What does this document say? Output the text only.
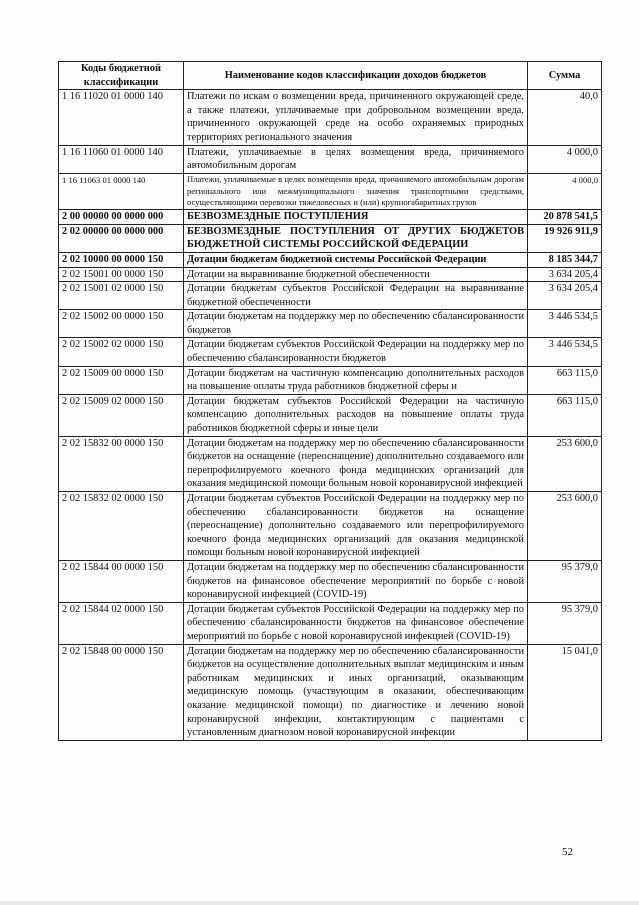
Коды бюджетной классификации	Наименование кодов классификации доходов бюджетов	Сумма
1 16 11020 01 0000 140	Платежи по искам о возмещении вреда, причиненного окружающей среде, а также платежи, уплачиваемые при добровольном возмещении вреда, причиненного окружающей среде на особо охраняемых природных территориях регионального значения	40,0
1 16 11060 01 0000 140	Платежи, уплачиваемые в целях возмещения вреда, причиняемого автомобильным дорогам	4 000,0
1 16 11063 01 0000 140	Платежи, уплачиваемые в целях возмещения вреда, причиняемого автомобильным дорогам регионального или межмуниципального значения транспортными средствами, осуществляющими перевозки тяжеловесных и (или) крупногабаритных грузов	4 000,0
2 00 00000 00 0000 000	БЕЗВОЗМЕЗДНЫЕ ПОСТУПЛЕНИЯ	20 878 541,5
2 02 00000 00 0000 000	БЕЗВОЗМЕЗДНЫЕ ПОСТУПЛЕНИЯ ОТ ДРУГИХ БЮДЖЕТОВ БЮДЖЕТНОЙ СИСТЕМЫ РОССИЙСКОЙ ФЕДЕРАЦИИ	19 926 911,9
2 02 10000 00 0000 150	Дотации бюджетам бюджетной системы Российской Федерации	8 185 344,7
2 02 15001 00 0000 150	Дотации на выравнивание бюджетной обеспеченности	3 634 205,4
2 02 15001 02 0000 150	Дотации бюджетам субъектов Российской Федерации на выравнивание бюджетной обеспеченности	3 634 205,4
2 02 15002 00 0000 150	Дотации бюджетам на поддержку мер по обеспечению сбалансированности бюджетов	3 446 534,5
2 02 15002 02 0000 150	Дотации бюджетам субъектов Российской Федерации на поддержку мер по обеспечению сбалансированности бюджетов	3 446 534,5
2 02 15009 00 0000 150	Дотации бюджетам на частичную компенсацию дополнительных расходов на повышение оплаты труда работников бюджетной сферы и	663 115,0
2 02 15009 02 0000 150	Дотации бюджетам субъектов Российской Федерации на частичную компенсацию дополнительных расходов на повышение оплаты труда работников бюджетной сферы и иные цели	663 115,0
2 02 15832 00 0000 150	Дотации бюджетам на поддержку мер по обеспечению сбалансированности бюджетов на оснащение (переоснащение) дополнительно создаваемого или перепрофилируемого коечного фонда медицинских организаций для оказания медицинской помощи больным новой коронавирусной инфекцией	253 600,0
2 02 15832 02 0000 150	Дотации бюджетам субъектов Российской Федерации на поддержку мер по обеспечению сбалансированности бюджетов на оснащение (переоснащение) дополнительно создаваемого или перепрофилируемого коечного фонда медицинских организаций для оказания медицинской помощи больным новой коронавирусной инфекцией	253 600,0
2 02 15844 00 0000 150	Дотации бюджетам на поддержку мер по обеспечению сбалансированности бюджетов на финансовое обеспечение мероприятий по борьбе с новой коронавирусной инфекцией (COVID-19)	95 379,0
2 02 15844 02 0000 150	Дотации бюджетам субъектов Российской Федерации на поддержку мер по обеспечению сбалансированности бюджетов на финансовое обеспечение мероприятий по борьбе с новой коронавирусной инфекцией (COVID-19)	95 379,0
2 02 15848 00 0000 150	Дотации бюджетам на поддержку мер по обеспечению сбалансированности бюджетов на осуществление дополнительных выплат медицинским и иным работникам медицинских и иных организаций, оказывающим медицинскую помощь (участвующим в оказании, обеспечивающим оказание медицинской помощи) по диагностике и лечению новой коронавирусной инфекции, контактирующим с пациентами с установленным диагнозом новой коронавирусной инфекции	15 041,0
52
